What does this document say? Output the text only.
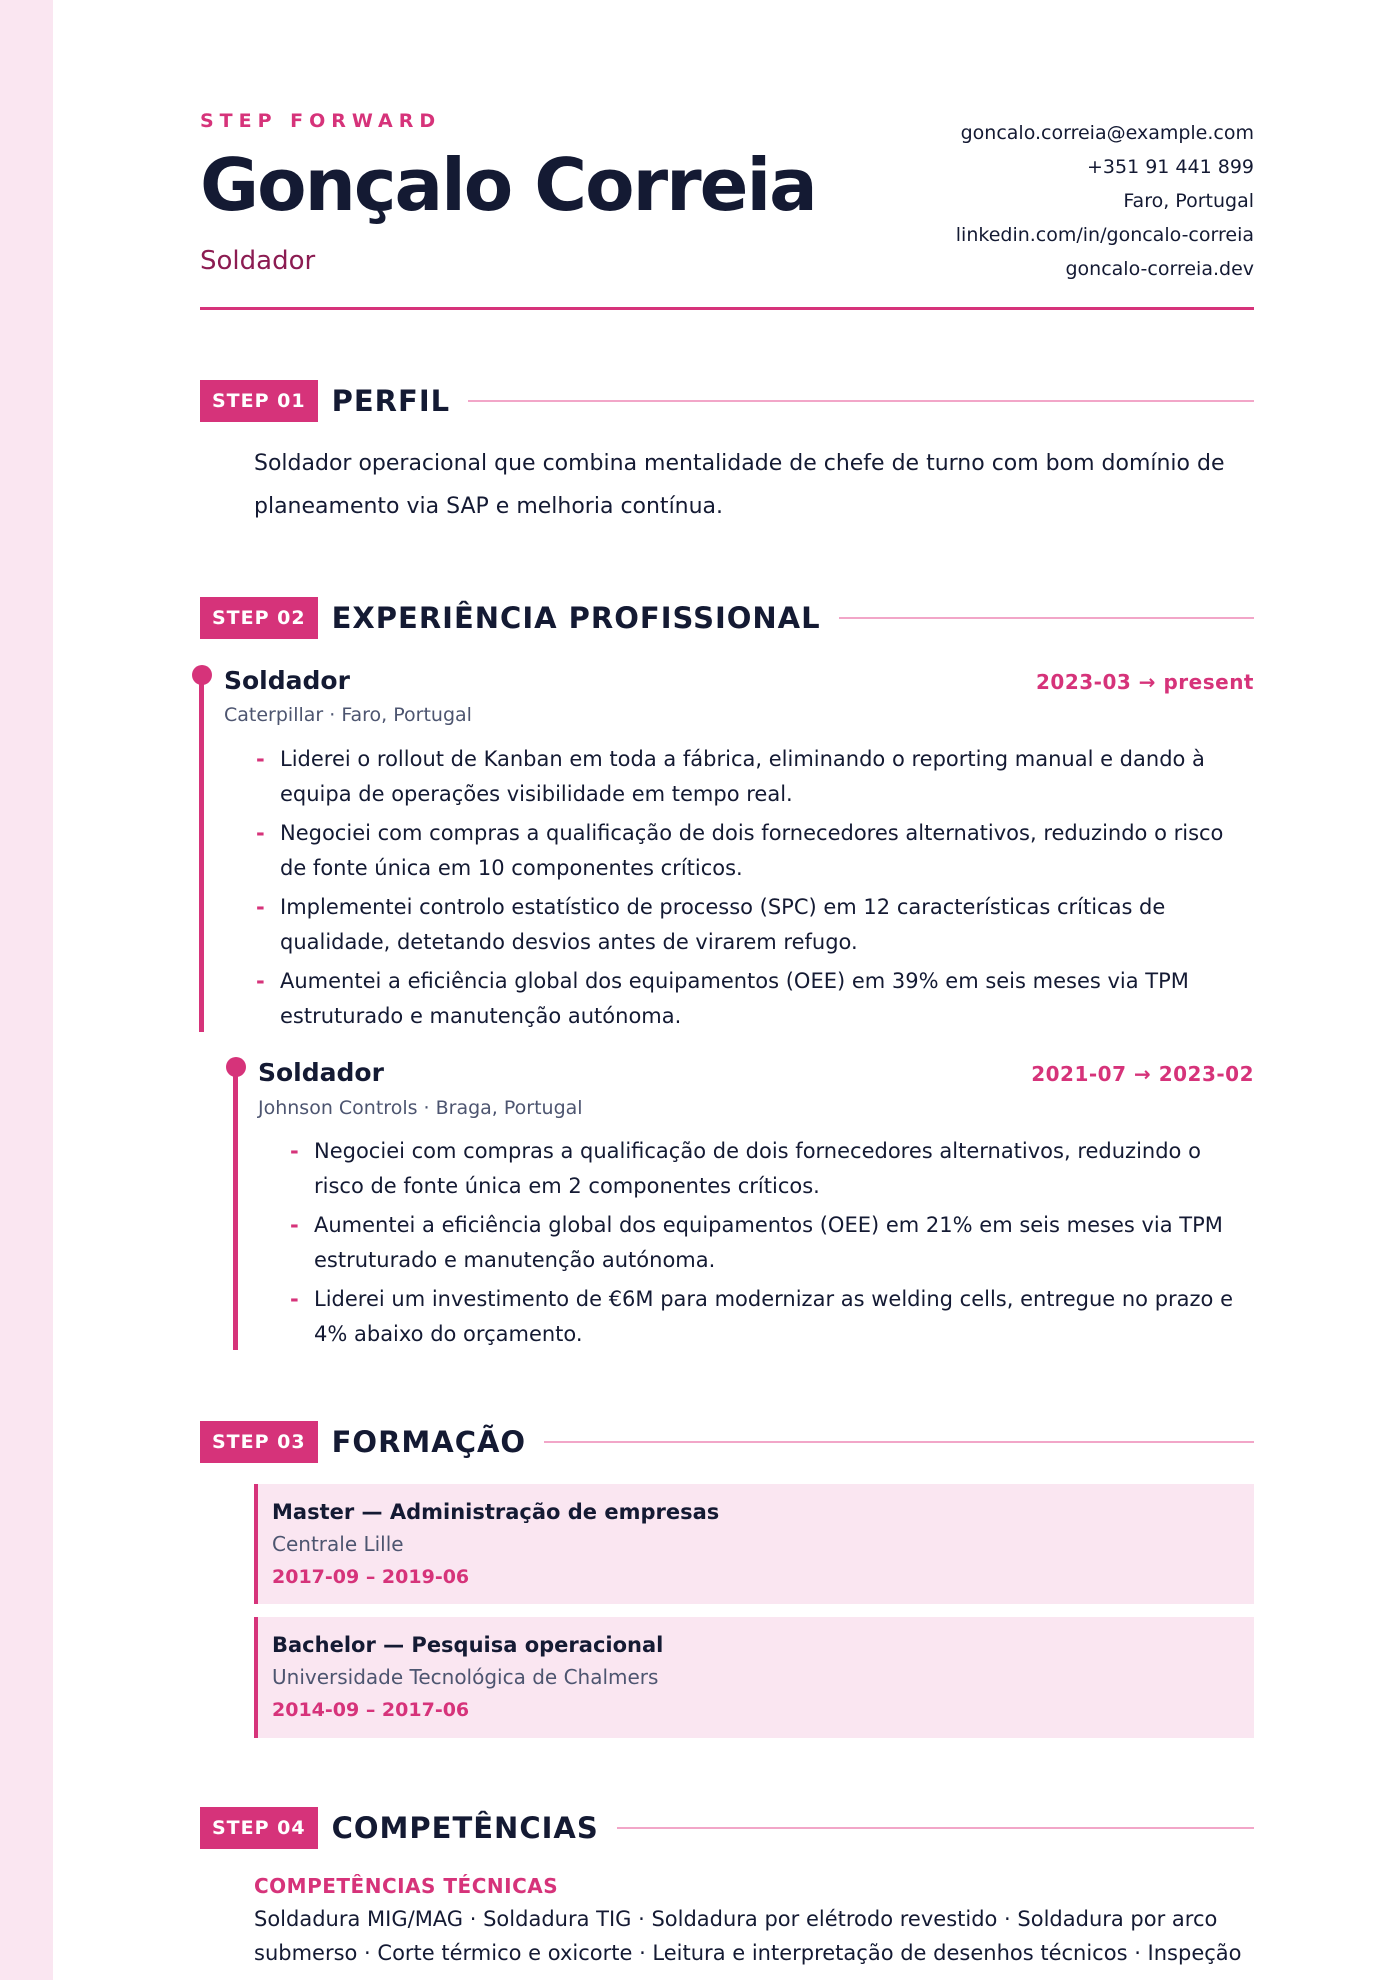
STEP FORWARD
Gonçalo Correia
Soldador
goncalo.correia@example.com
+351 91 441 899
Faro, Portugal
linkedin.com/in/goncalo-correia
goncalo-correia.dev
STEP 01 PERFIL
Soldador operacional que combina mentalidade de chefe de turno com bom domínio de planeamento via SAP e melhoria contínua.
STEP 02 EXPERIÊNCIA PROFISSIONAL
Soldador	2023-03 → present
Caterpillar · Faro, Portugal
- Liderei o rollout de Kanban em toda a fábrica, eliminando o reporting manual e dando à equipa de operações visibilidade em tempo real.
- Negociei com compras a qualificação de dois fornecedores alternativos, reduzindo o risco de fonte única em 10 componentes críticos.
- Implementei controlo estatístico de processo (SPC) em 12 características críticas de qualidade, detetando desvios antes de virarem refugo.
- Aumentei a eficiência global dos equipamentos (OEE) em 39% em seis meses via TPM estruturado e manutenção autónoma.
Soldador	2021-07 → 2023-02
Johnson Controls · Braga, Portugal
- Negociei com compras a qualificação de dois fornecedores alternativos, reduzindo o risco de fonte única em 2 componentes críticos.
- Aumentei a eficiência global dos equipamentos (OEE) em 21% em seis meses via TPM estruturado e manutenção autónoma.
- Liderei um investimento de €6M para modernizar as welding cells, entregue no prazo e 4% abaixo do orçamento.
STEP 03 FORMAÇÃO
Master — Administração de empresas
Centrale Lille
2017-09 – 2019-06
Bachelor — Pesquisa operacional
Universidade Tecnológica de Chalmers
2014-09 – 2017-06
STEP 04 COMPETÊNCIAS
COMPETÊNCIAS TÉCNICAS
Soldadura MIG/MAG · Soldadura TIG · Soldadura por elétrodo revestido · Soldadura por arco submerso · Corte térmico e oxicorte · Leitura e interpretação de desenhos técnicos · Inspeção
